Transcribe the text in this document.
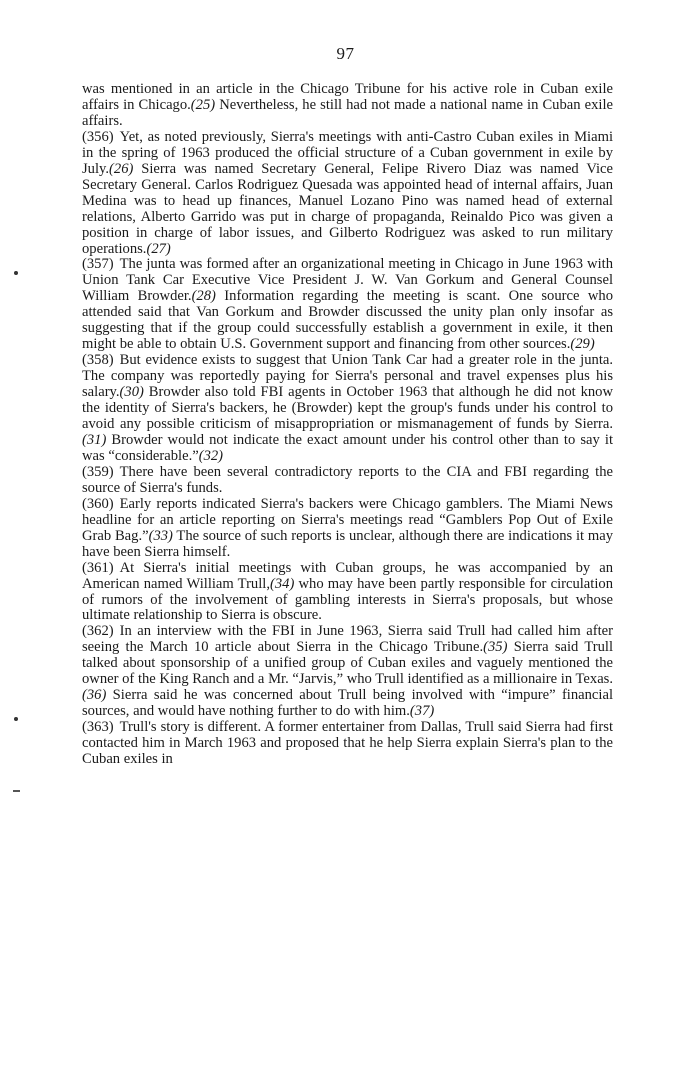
97

was mentioned in an article in the Chicago Tribune for his active role in Cuban exile affairs in Chicago.(25) Nevertheless, he still had not made a national name in Cuban exile affairs.

(356) Yet, as noted previously, Sierra's meetings with anti-Castro Cuban exiles in Miami in the spring of 1963 produced the official structure of a Cuban government in exile by July.(26) Sierra was named Secretary General, Felipe Rivero Diaz was named Vice Secretary General. Carlos Rodriguez Quesada was appointed head of internal affairs, Juan Medina was to head up finances, Manuel Lozano Pino was named head of external relations, Alberto Garrido was put in charge of propaganda, Reinaldo Pico was given a position in charge of labor issues, and Gilberto Rodriguez was asked to run military operations.(27)

(357) The junta was formed after an organizational meeting in Chicago in June 1963 with Union Tank Car Executive Vice President J. W. Van Gorkum and General Counsel William Browder.(28) Information regarding the meeting is scant. One source who attended said that Van Gorkum and Browder discussed the unity plan only insofar as suggesting that if the group could successfully establish a government in exile, it then might be able to obtain U.S. Government support and financing from other sources.(29)

(358) But evidence exists to suggest that Union Tank Car had a greater role in the junta. The company was reportedly paying for Sierra's personal and travel expenses plus his salary.(30) Browder also told FBI agents in October 1963 that although he did not know the identity of Sierra's backers, he (Browder) kept the group's funds under his control to avoid any possible criticism of misappropriation or mismanagement of funds by Sierra.(31) Browder would not indicate the exact amount under his control other than to say it was “considerable.”(32)

(359) There have been several contradictory reports to the CIA and FBI regarding the source of Sierra's funds.

(360) Early reports indicated Sierra's backers were Chicago gamblers. The Miami News headline for an article reporting on Sierra's meetings read “Gamblers Pop Out of Exile Grab Bag.”(33) The source of such reports is unclear, although there are indications it may have been Sierra himself.

(361) At Sierra's initial meetings with Cuban groups, he was accompanied by an American named William Trull,(34) who may have been partly responsible for circulation of rumors of the involvement of gambling interests in Sierra's proposals, but whose ultimate relationship to Sierra is obscure.

(362) In an interview with the FBI in June 1963, Sierra said Trull had called him after seeing the March 10 article about Sierra in the Chicago Tribune.(35) Sierra said Trull talked about sponsorship of a unified group of Cuban exiles and vaguely mentioned the owner of the King Ranch and a Mr. “Jarvis,” who Trull identified as a millionaire in Texas.(36) Sierra said he was concerned about Trull being involved with “impure” financial sources, and would have nothing further to do with him.(37)

(363) Trull's story is different. A former entertainer from Dallas, Trull said Sierra had first contacted him in March 1963 and proposed that he help Sierra explain Sierra's plan to the Cuban exiles in
